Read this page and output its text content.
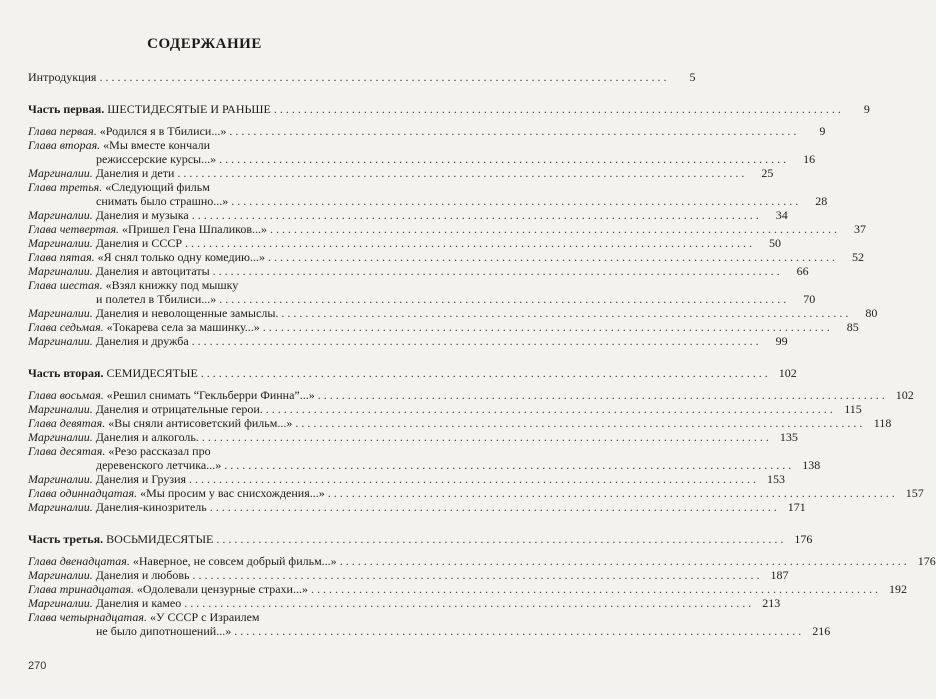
СОДЕРЖАНИЕ
Интродукция . . .	5
Часть первая. ШЕСТИДЕСЯТЫЕ И РАНЬШЕ . . .	9
Глава первая. «Родился я в Тбилиси...» . . .	9
Глава вторая. «Мы вместе кончали
режиссерские курсы...» . . .	16
Маргиналии. Данелия и дети . . .	25
Глава третья. «Следующий фильм
снимать было страшно...» . . .	28
Маргиналии. Данелия и музыка . . .	34
Глава четвертая. «Пришел Гена Шпаликов...» . . .	37
Маргиналии. Данелия и СССР . . .	50
Глава пятая. «Я снял только одну комедию...» . . .	52
Маргиналии. Данелия и автоцитаты . . .	66
Глава шестая. «Взял книжку под мышку
и полетел в Тбилиси...» . . .	70
Маргиналии. Данелия и неволощенные замыслы. . . .	80
Глава седьмая. «Токарева села за машинку...» . . .	85
Маргиналии. Данелия и дружба . . .	99
Часть вторая. СЕМИДЕСЯТЫЕ . . .	102
Глава восьмая. «Решил снимать “Гекльберри Финна”...» . . .	102
Маргиналии. Данелия и отрицательные герои. . . .	115
Глава девятая. «Вы сняли антисоветский фильм...» . . .	118
Маргиналии. Данелия и алкоголь. . . .	135
Глава десятая. «Резо рассказал про
деревенского летчика...» . . .	138
Маргиналии. Данелия и Грузия . . .	153
Глава одиннадцатая. «Мы просим у вас снисхождения...» . . .	157
Маргиналии. Данелия-кинозритель . . .	171
Часть третья. ВОСЬМИДЕСЯТЫЕ . . .	176
Глава двенадцатая. «Наверное, не совсем добрый фильм...» . . .	176
Маргиналии. Данелия и любовь . . .	187
Глава тринадцатая. «Одолевали цензурные страхи...» . . .	192
Маргиналии. Данелия и камео . . .	213
Глава четырнадцатая. «У СССР с Израилем
не было дипотношений...» . . .	216
270
